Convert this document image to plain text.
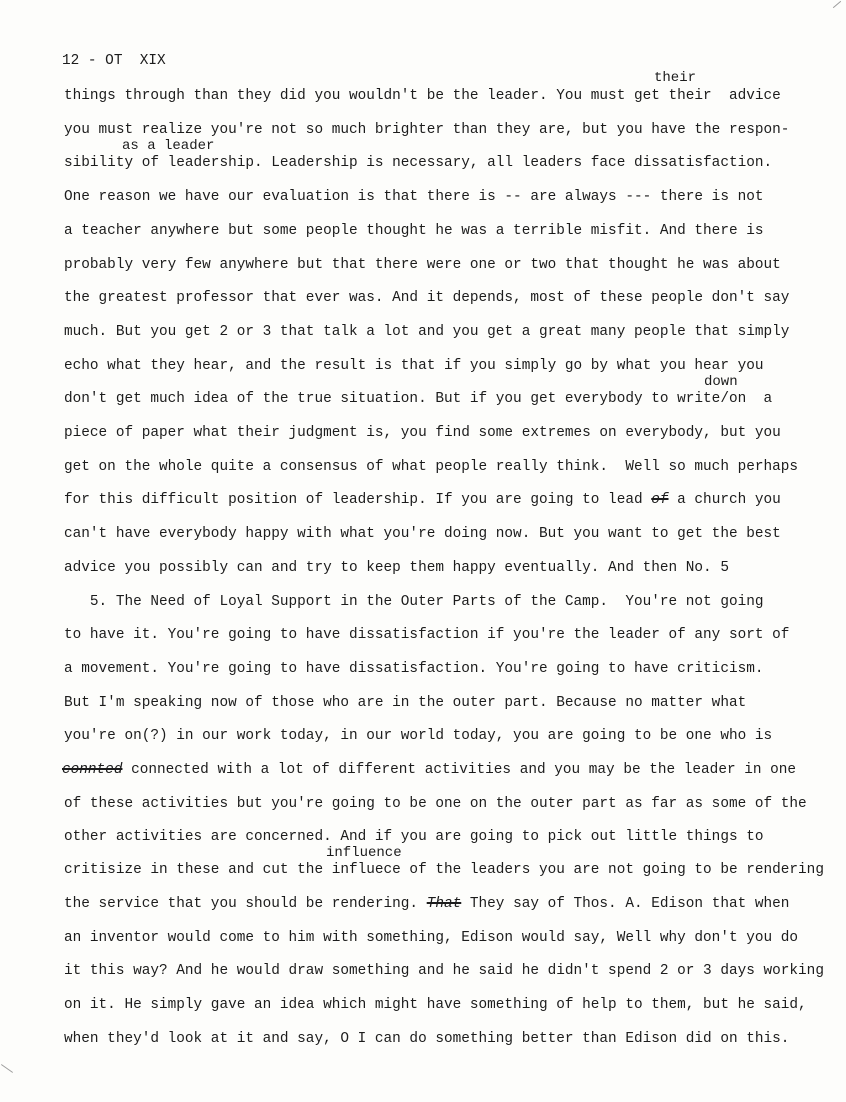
12 - OT  XIX
their
things through than they did you wouldn't be the leader. You must get their  advice
you must realize you're not so much brighter than they are, but you have the respon-
as a leader
sibility of leadership. Leadership is necessary, all leaders face dissatisfaction.
One reason we have our evaluation is that there is -- are always --- there is not
a teacher anywhere but some people thought he was a terrible misfit. And there is
probably very few anywhere but that there were one or two that thought he was about
the greatest professor that ever was. And it depends, most of these people don't say
much. But you get 2 or 3 that talk a lot and you get a great many people that simply
echo what they hear, and the result is that if you simply go by what you hear you
down
don't get much idea of the true situation. But if you get everybody to write/on  a
piece of paper what their judgment is, you find some extremes on everybody, but you
get on the whole quite a consensus of what people really think.  Well so much perhaps
for this difficult position of leadership. If you are going to lead of a church you
can't have everybody happy with what you're doing now. But you want to get the best
advice you possibly can and try to keep them happy eventually. And then No. 5
5. The Need of Loyal Support in the Outer Parts of the Camp.  You're not going
to have it. You're going to have dissatisfaction if you're the leader of any sort of
a movement. You're going to have dissatisfaction. You're going to have criticism.
But I'm speaking now of those who are in the outer part. Because no matter what
you're on(?) in our work today, in our world today, you are going to be one who is
connted connected with a lot of different activities and you may be the leader in one
of these activities but you're going to be one on the outer part as far as some of the
other activities are concerned. And if you are going to pick out little things to
influence
critisize in these and cut the influece of the leaders you are not going to be rendering
the service that you should be rendering. That They say of Thos. A. Edison that when
an inventor would come to him with something, Edison would say, Well why don't you do
it this way? And he would draw something and he said he didn't spend 2 or 3 days working
on it. He simply gave an idea which might have something of help to them, but he said,
when they'd look at it and say, O I can do something better than Edison did on this.
